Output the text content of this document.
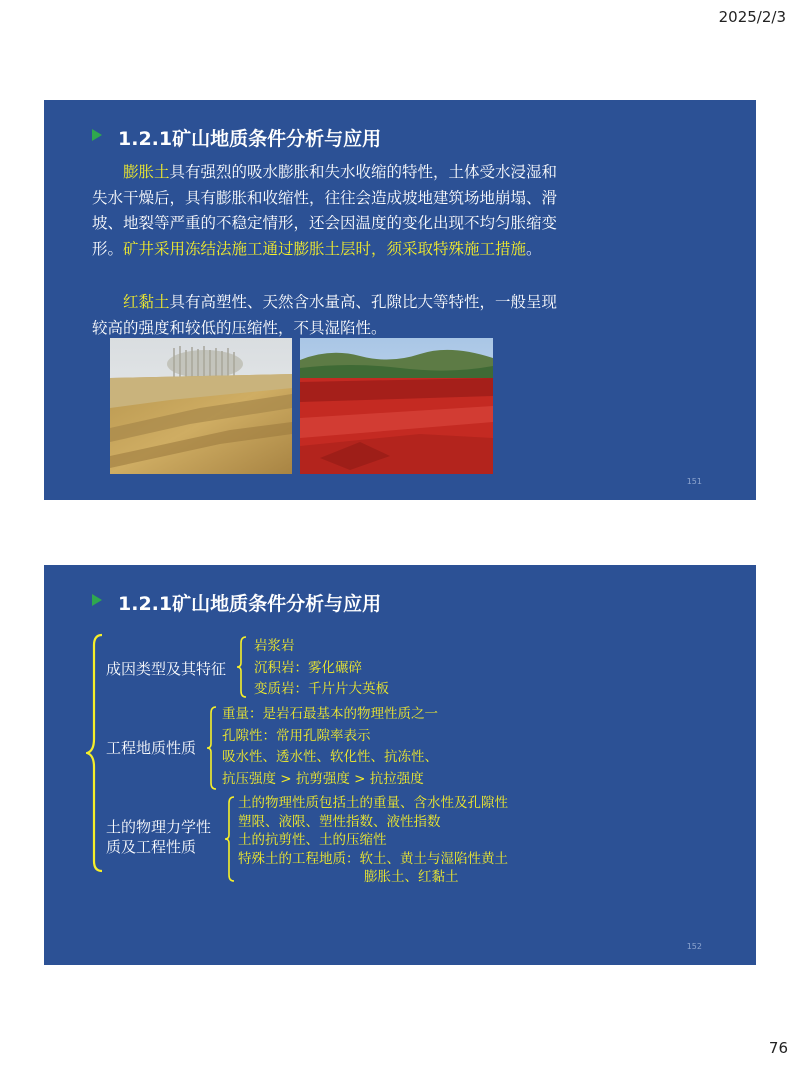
2025/2/3
1.2.1矿山地质条件分析与应用

膨胀土具有强烈的吸水膨胀和失水收缩的特性，土体受水浸湿和失水干燥后，具有膨胀和收缩性，往往会造成坡地建筑场地崩塌、滑坡、地裂等严重的不稳定情形，还会因温度的变化出现不均匀胀缩变形。矿井采用冻结法施工通过膨胀土层时，须采取特殊施工措施。

红黏土具有高塑性、天然含水量高、孔隙比大等特性，一般呈现较高的强度和较低的压缩性，不具湿陷性。

151
1.2.1矿山地质条件分析与应用
成因类型及其特征
岩浆岩
沉积岩：雾化碾碎
变质岩：千片片大英板
工程地质性质
重量：是岩石最基本的物理性质之一
孔隙性：常用孔隙率表示
吸水性、透水性、软化性、抗冻性、
抗压强度 > 抗剪强度 > 抗拉强度
土的物理力学性
质及工程性质
土的物理性质包括土的重量、含水性及孔隙性
塑限、液限、塑性指数、液性指数
土的抗剪性、土的压缩性
特殊土的工程地质：软土、黄土与湿陷性黄土
膨胀土、红黏土
152
76
